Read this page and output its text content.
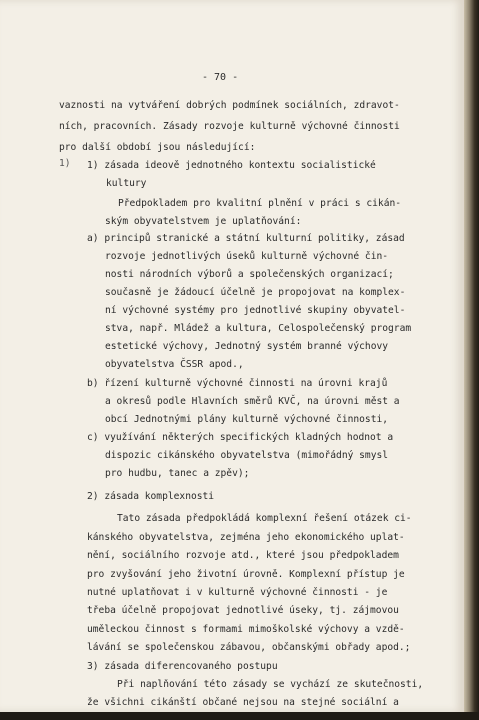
- 70 -
1)
vaznosti na vytváření dobrých podmínek sociálních, zdravot-
ních, pracovních. Zásady rozvoje kulturně výchovné činnosti
pro další období jsou následující:
1) zásada ideově jednotného kontextu socialistické
kultury
Předpokladem pro kvalitní plnění v práci s cikán-
ským obyvatelstvem je uplatňování:
a) principů stranické a státní kulturní politiky, zásad
rozvoje jednotlivých úseků kulturně výchovné čin-
nosti národních výborů a společenských organizací;
současně je žádoucí účelně je propojovat na komplex-
ní výchovné systémy pro jednotlivé skupiny obyvatel-
stva, např. Mládež a kultura, Celospolečenský program
estetické výchovy, Jednotný systém branné výchovy
obyvatelstva ČSSR apod.,
b) řízení kulturně výchovné činnosti na úrovni krajů
a okresů podle Hlavních směrů KVČ, na úrovni měst a
obcí Jednotnými plány kulturně výchovné činnosti,
c) využívání některých specifických kladných hodnot a
dispozic cikánského obyvatelstva (mimořádný smysl
pro hudbu, tanec a zpěv);
2) zásada komplexnosti
Tato zásada předpokládá komplexní řešení otázek ci-
kánského obyvatelstva, zejména jeho ekonomického uplat-
nění, sociálního rozvoje atd., které jsou předpokladem
pro zvyšování jeho životní úrovně. Komplexní přístup je
nutné uplatňovat i v kulturně výchovné činnosti - je
třeba účelně propojovat jednotlivé úseky, tj. zájmovou
uměleckou činnost s formami mimoškolské výchovy a vzdě-
lávání se společenskou zábavou, občanskými obřady apod.;
3) zásada diferencovaného postupu
Při naplňování této zásady se vychází ze skutečnosti,
že všichni cikánští občané nejsou na stejné sociální a
